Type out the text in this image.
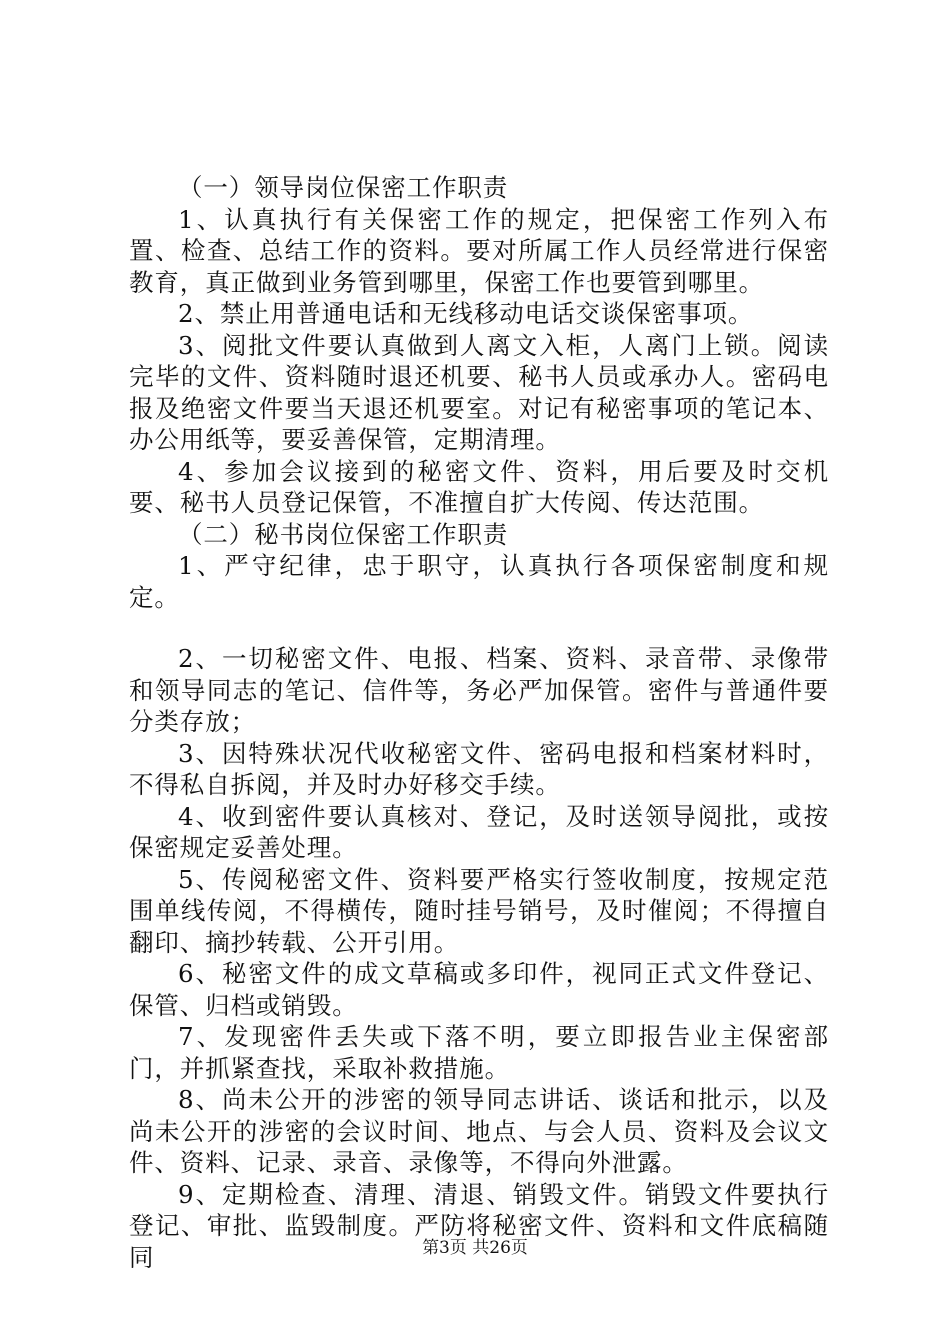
（一）领导岗位保密工作职责

1、认真执行有关保密工作的规定，把保密工作列入布置、检查、总结工作的资料。要对所属工作人员经常进行保密教育，真正做到业务管到哪里，保密工作也要管到哪里。

2、禁止用普通电话和无线移动电话交谈保密事项。

3、阅批文件要认真做到人离文入柜，人离门上锁。阅读完毕的文件、资料随时退还机要、秘书人员或承办人。密码电报及绝密文件要当天退还机要室。对记有秘密事项的笔记本、办公用纸等，要妥善保管，定期清理。

4、参加会议接到的秘密文件、资料，用后要及时交机要、秘书人员登记保管，不准擅自扩大传阅、传达范围。

（二）秘书岗位保密工作职责

1、严守纪律，忠于职守，认真执行各项保密制度和规定。

2、一切秘密文件、电报、档案、资料、录音带、录像带和领导同志的笔记、信件等，务必严加保管。密件与普通件要分类存放；

3、因特殊状况代收秘密文件、密码电报和档案材料时，不得私自拆阅，并及时办好移交手续。

4、收到密件要认真核对、登记，及时送领导阅批，或按保密规定妥善处理。

5、传阅秘密文件、资料要严格实行签收制度，按规定范围单线传阅，不得横传，随时挂号销号，及时催阅；不得擅自翻印、摘抄转载、公开引用。

6、秘密文件的成文草稿或多印件，视同正式文件登记、保管、归档或销毁。

7、发现密件丢失或下落不明，要立即报告业主保密部门，并抓紧查找，采取补救措施。

8、尚未公开的涉密的领导同志讲话、谈话和批示，以及尚未公开的涉密的会议时间、地点、与会人员、资料及会议文件、资料、记录、录音、录像等，不得向外泄露。

9、定期检查、清理、清退、销毁文件。销毁文件要执行登记、审批、监毁制度。严防将秘密文件、资料和文件底稿随同	第3页 共26页
